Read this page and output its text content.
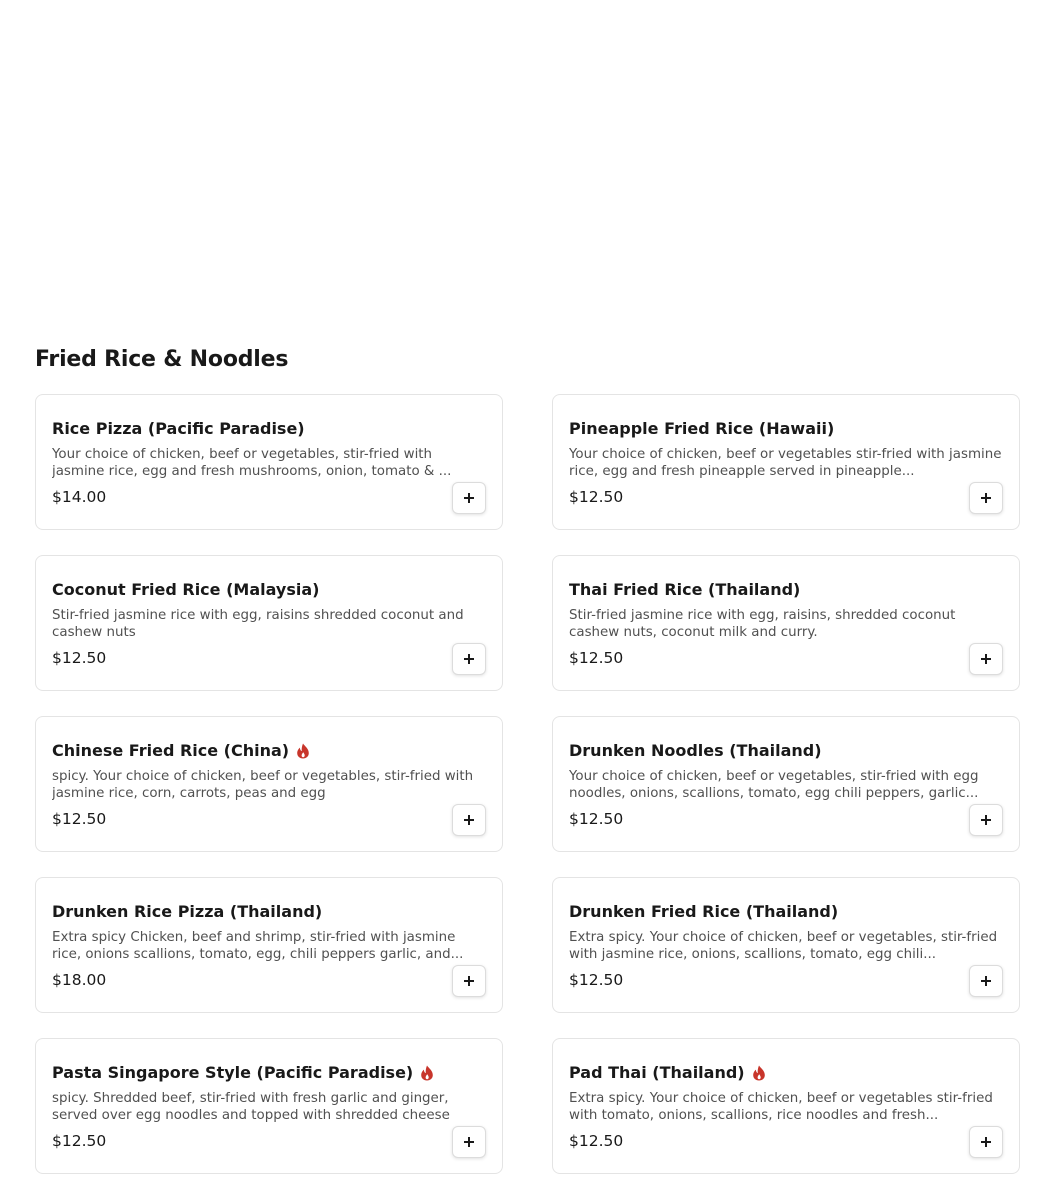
Fried Rice & Noodles
Rice Pizza (Pacific Paradise)
Your choice of chicken, beef or vegetables, stir-fried with jasmine rice, egg and fresh mushrooms, onion, tomato & ...
$14.00
Pineapple Fried Rice (Hawaii)
Your choice of chicken, beef or vegetables stir-fried with jasmine rice, egg and fresh pineapple served in pineapple...
$12.50
Coconut Fried Rice (Malaysia)
Stir-fried jasmine rice with egg, raisins shredded coconut and cashew nuts
$12.50
Thai Fried Rice (Thailand)
Stir-fried jasmine rice with egg, raisins, shredded coconut cashew nuts, coconut milk and curry.
$12.50
Chinese Fried Rice (China)
spicy. Your choice of chicken, beef or vegetables, stir-fried with jasmine rice, corn, carrots, peas and egg
$12.50
Drunken Noodles (Thailand)
Your choice of chicken, beef or vegetables, stir-fried with egg noodles, onions, scallions, tomato, egg chili peppers, garlic...
$12.50
Drunken Rice Pizza (Thailand)
Extra spicy Chicken, beef and shrimp, stir-fried with jasmine rice, onions scallions, tomato, egg, chili peppers garlic, and...
$18.00
Drunken Fried Rice (Thailand)
Extra spicy. Your choice of chicken, beef or vegetables, stir-fried with jasmine rice, onions, scallions, tomato, egg chili...
$12.50
Pasta Singapore Style (Pacific Paradise)
spicy. Shredded beef, stir-fried with fresh garlic and ginger, served over egg noodles and topped with shredded cheese
$12.50
Pad Thai (Thailand)
Extra spicy. Your choice of chicken, beef or vegetables stir-fried with tomato, onions, scallions, rice noodles and fresh...
$12.50
